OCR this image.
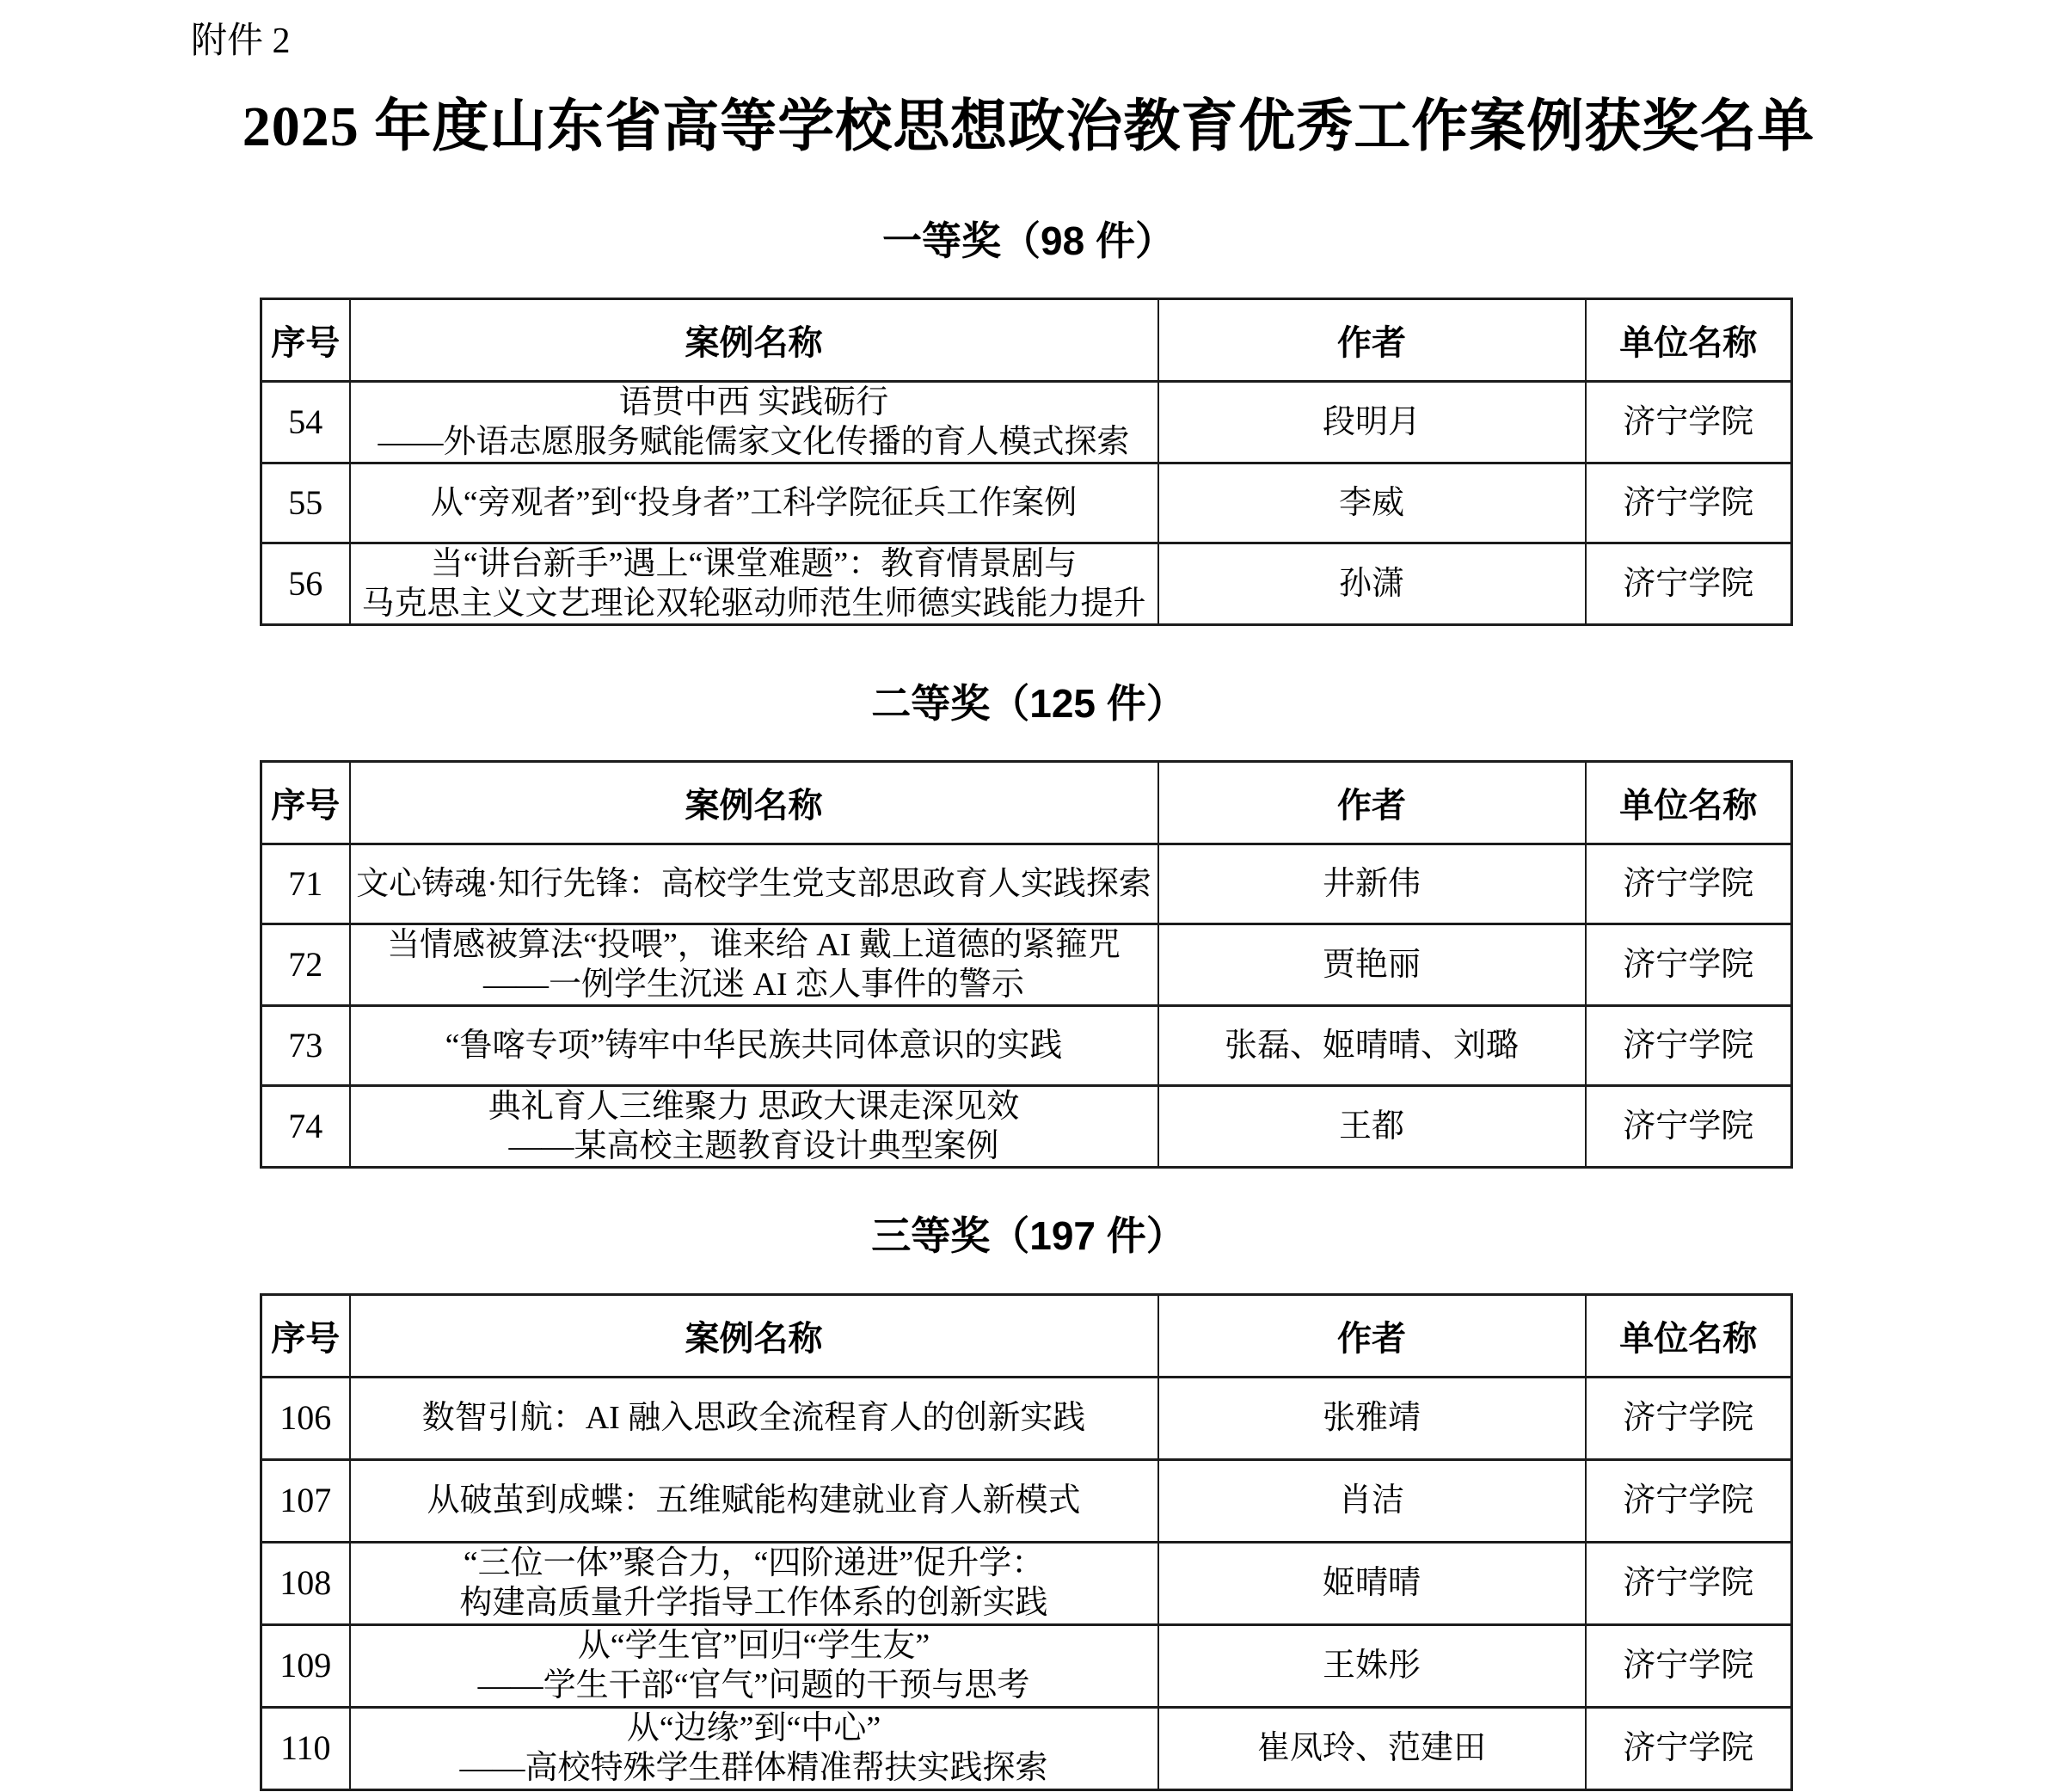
附件 2
2025 年度山东省高等学校思想政治教育优秀工作案例获奖名单
一等奖（98 件）
序号	案例名称	作者	单位名称
54	语贯中西 实践砺行
——外语志愿服务赋能儒家文化传播的育人模式探索	段明月	济宁学院
55	从“旁观者”到“投身者”工科学院征兵工作案例	李威	济宁学院
56	当“讲台新手”遇上“课堂难题”：教育情景剧与
马克思主义文艺理论双轮驱动师范生师德实践能力提升	孙潇	济宁学院
二等奖（125 件）
序号	案例名称	作者	单位名称
71	文心铸魂·知行先锋：高校学生党支部思政育人实践探索	井新伟	济宁学院
72	当情感被算法“投喂”，谁来给 AI 戴上道德的紧箍咒
——一例学生沉迷 AI 恋人事件的警示	贾艳丽	济宁学院
73	“鲁喀专项”铸牢中华民族共同体意识的实践	张磊、姬晴晴、刘璐	济宁学院
74	典礼育人三维聚力 思政大课走深见效
——某高校主题教育设计典型案例	王都	济宁学院
三等奖（197 件）
序号	案例名称	作者	单位名称
106	数智引航：AI 融入思政全流程育人的创新实践	张雅靖	济宁学院
107	从破茧到成蝶：五维赋能构建就业育人新模式	肖洁	济宁学院
108	“三位一体”聚合力，“四阶递进”促升学：
构建高质量升学指导工作体系的创新实践	姬晴晴	济宁学院
109	从“学生官”回归“学生友”
——学生干部“官气”问题的干预与思考	王姝彤	济宁学院
110	从“边缘”到“中心”
——高校特殊学生群体精准帮扶实践探索	崔凤玲、范建田	济宁学院
